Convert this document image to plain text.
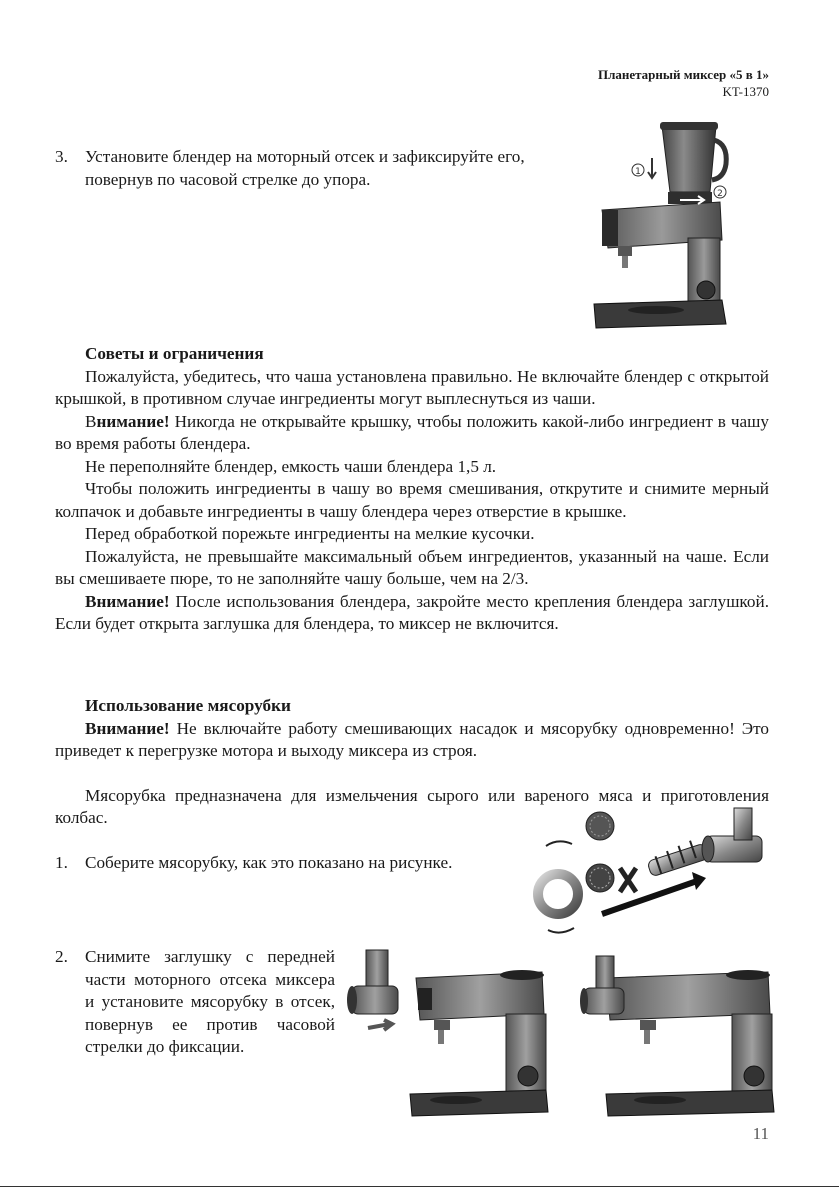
Планетарный миксер «5 в 1»
KT-1370
3. Установите блендер на моторный отсек и зафиксируйте его, повернув по часовой стрелке до упора.	1
2

Советы и ограничения

Пожалуйста, убедитесь, что чаша установлена правильно. Не включайте блендер с открытой крышкой, в противном случае ингредиенты могут выплеснуться из чаши.

Внимание! Никогда не открывайте крышку, чтобы положить какой-либо ингредиент в чашу во время работы блендера.

Не переполняйте блендер, емкость чаши блендера 1,5 л.

Чтобы положить ингредиенты в чашу во время смешивания, открутите и снимите мерный колпачок и добавьте ингредиенты в чашу блендера через отверстие в крышке.

Перед обработкой порежьте ингредиенты на мелкие кусочки.

Пожалуйста, не превышайте максимальный объем ингредиентов, указанный на чаше. Если вы смешиваете пюре, то не заполняйте чашу больше, чем на 2/3.

Внимание! После использования блендера, закройте место крепления блендера заглушкой. Если будет открыта заглушка для блендера, то миксер не включится.

Использование мясорубки

Внимание! Не включайте работу смешивающих насадок и мясорубку одновременно! Это приведет к перегрузке мотора и выходу миксера из строя.

Мясорубка предназначена для измельчения сырого или вареного мяса и приготовления колбас.

1. Соберите мясорубку, как это показано на рисунке.
2. Снимите заглушку с передней части моторного отсека миксера и установите мясорубку в отсек, повернув ее против часовой стрелки до фиксации.
11
